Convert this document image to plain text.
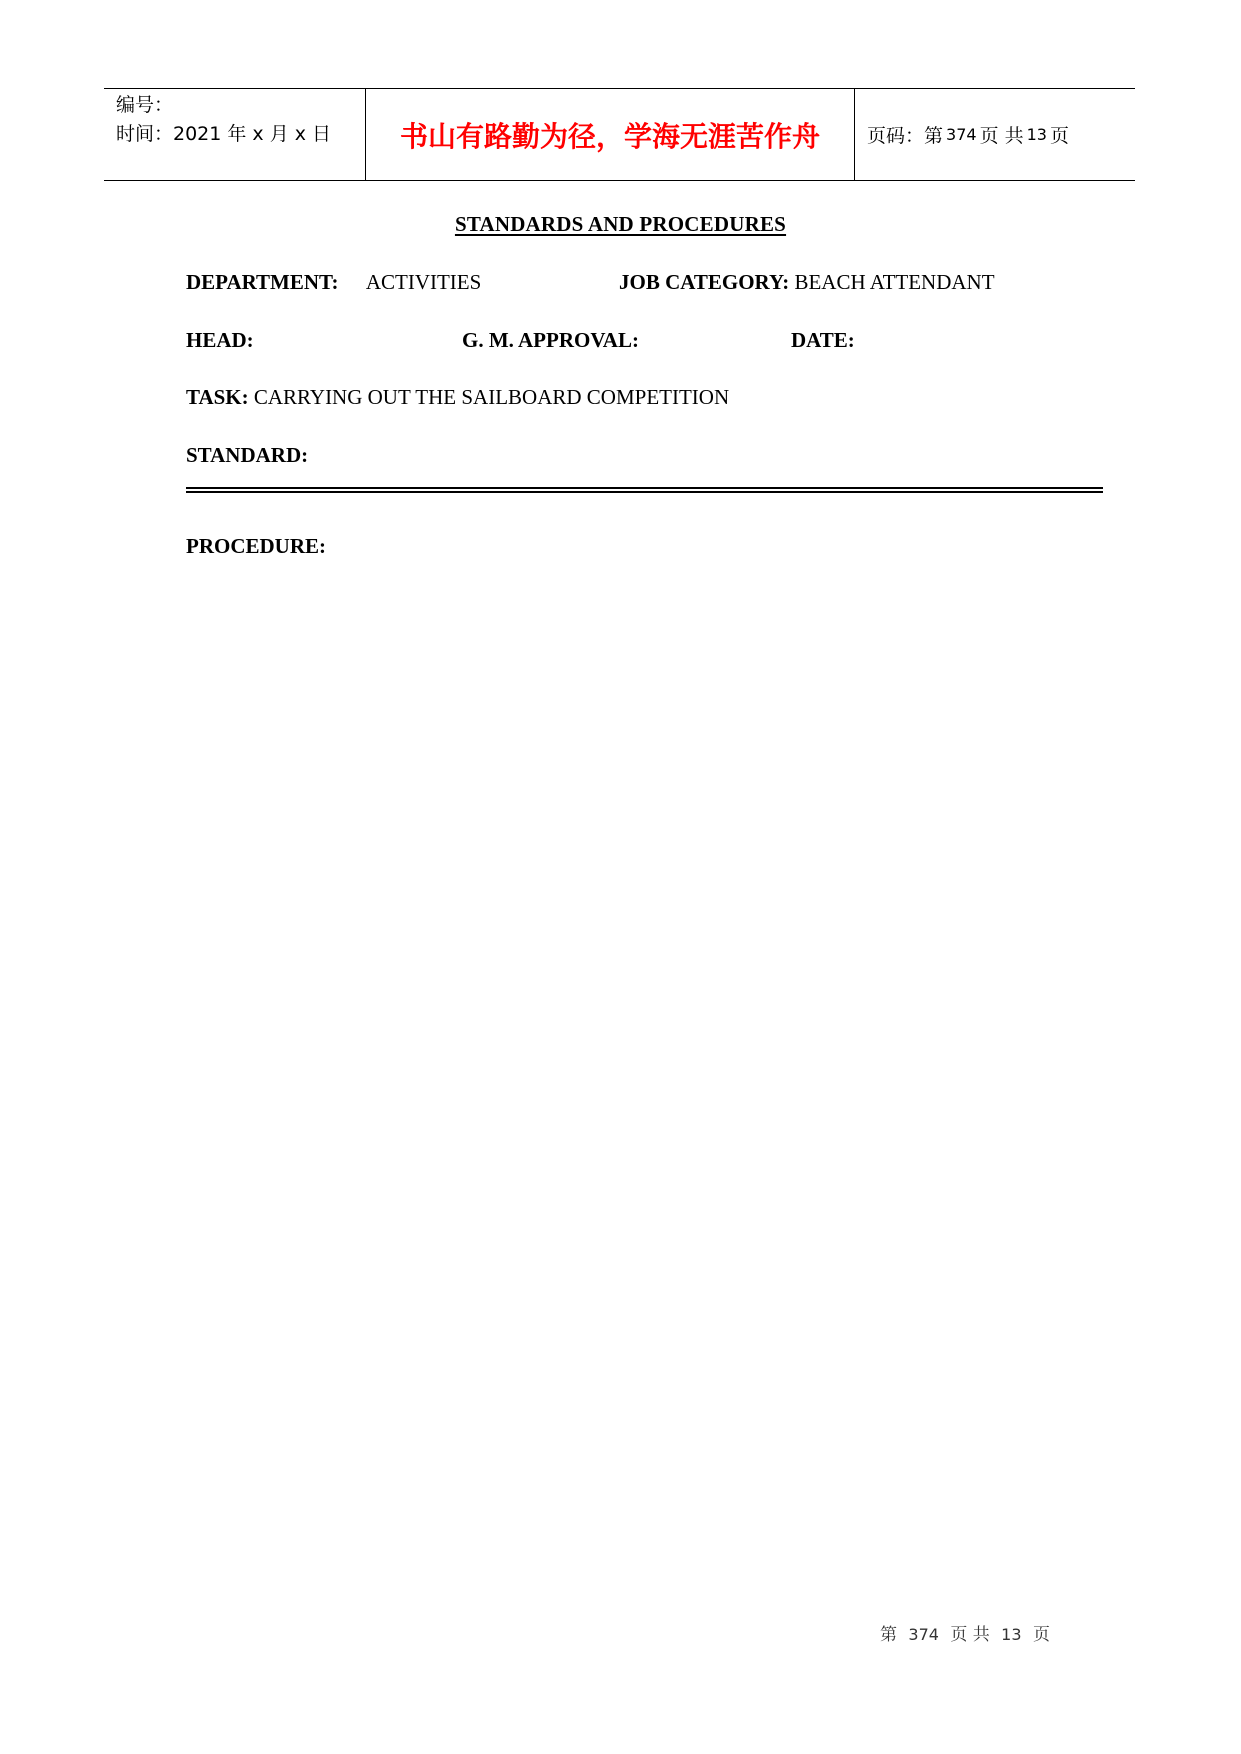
编号：
时间：2021 年 x 月 x 日	书山有路勤为径，学海无涯苦作舟 页码：第 374 页 共 13 页
STANDARDS AND PROCEDURES
DEPARTMENT: ACTIVITIES	JOB CATEGORY: BEACH ATTENDANT
HEAD:	G. M. APPROVAL:	DATE:
TASK: CARRYING OUT THE SAILBOARD COMPETITION
STANDARD:
PROCEDURE:
第 374 页 共 13 页
